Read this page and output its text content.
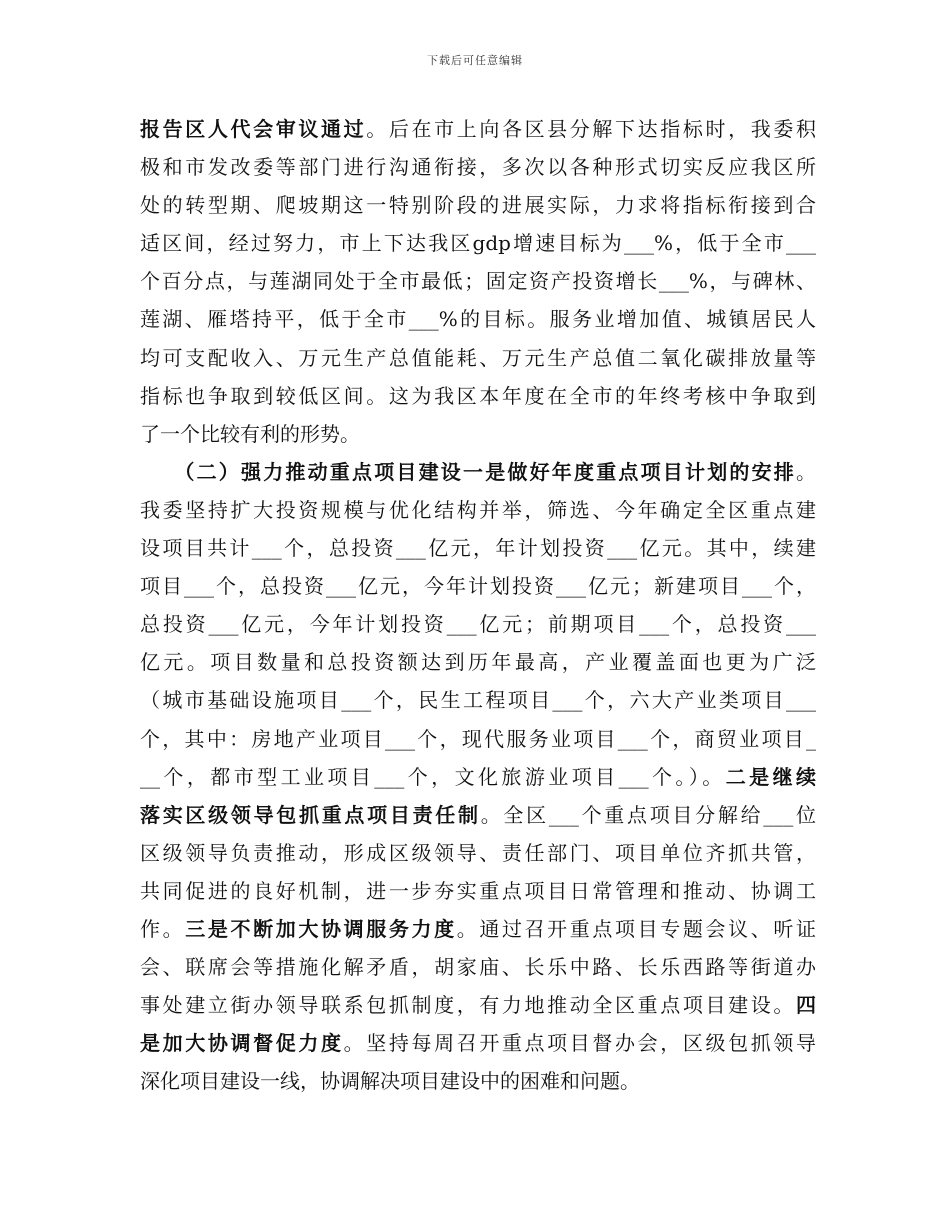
下载后可任意编辑
报告区人代会审议通过。后在市上向各区县分解下达指标时，我委积
极和市发改委等部门进行沟通衔接，多次以各种形式切实反应我区所
处的转型期、爬坡期这一特别阶段的进展实际，力求将指标衔接到合
适区间，经过努力，市上下达我区gdp增速目标为___%，低于全市___
个百分点，与莲湖同处于全市最低；固定资产投资增长___%，与碑林、
莲湖、雁塔持平，低于全市___%的目标。服务业增加值、城镇居民人
均可支配收入、万元生产总值能耗、万元生产总值二氧化碳排放量等
指标也争取到较低区间。这为我区本年度在全市的年终考核中争取到
了一个比较有利的形势。
　　（二）强力推动重点项目建设一是做好年度重点项目计划的安排。
我委坚持扩大投资规模与优化结构并举，筛选、今年确定全区重点建
设项目共计___个，总投资___亿元，年计划投资___亿元。其中，续建
项目___个，总投资___亿元，今年计划投资___亿元；新建项目___个，
总投资___亿元，今年计划投资___亿元；前期项目___个，总投资___
亿元。项目数量和总投资额达到历年最高，产业覆盖面也更为广泛
（城市基础设施项目___个，民生工程项目___个，六大产业类项目___
个，其中：房地产业项目___个，现代服务业项目___个，商贸业项目_
__个，都市型工业项目___个，文化旅游业项目___个。）。二是继续
落实区级领导包抓重点项目责任制。全区___个重点项目分解给___位
区级领导负责推动，形成区级领导、责任部门、项目单位齐抓共管，
共同促进的良好机制，进一步夯实重点项目日常管理和推动、协调工
作。三是不断加大协调服务力度。通过召开重点项目专题会议、听证
会、联席会等措施化解矛盾，胡家庙、长乐中路、长乐西路等街道办
事处建立街办领导联系包抓制度，有力地推动全区重点项目建设。四
是加大协调督促力度。坚持每周召开重点项目督办会，区级包抓领导
深化项目建设一线，协调解决项目建设中的困难和问题。
